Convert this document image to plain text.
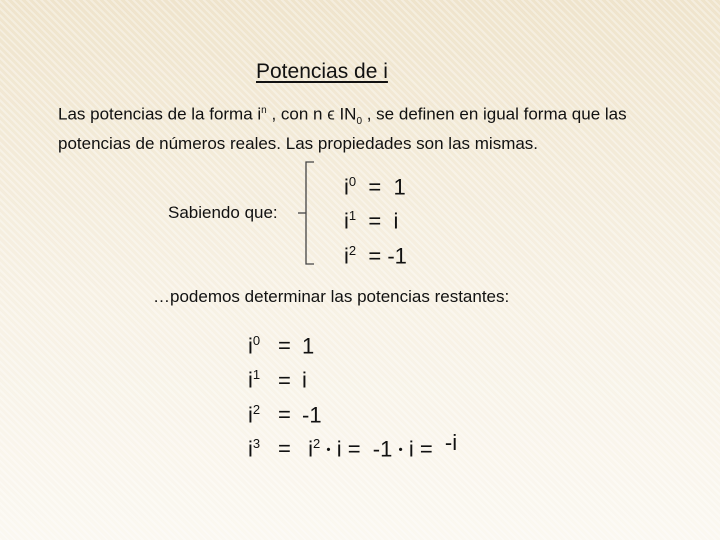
Potencias de i
Las potencias de la forma $i^n$ , con n ϵ $IN_0$ , se definen en igual forma que las potencias de números reales. Las propiedades son las mismas.
Sabiendo que:
$i^0 = 1$
$i^1 = i$
$i^2 = -1$
…podemos determinar las potencias restantes:
$i^0 = 1$
$i^1 = i$
$i^2 = -1$
$i^3 = i^2$ • i = -1 • i = -i
